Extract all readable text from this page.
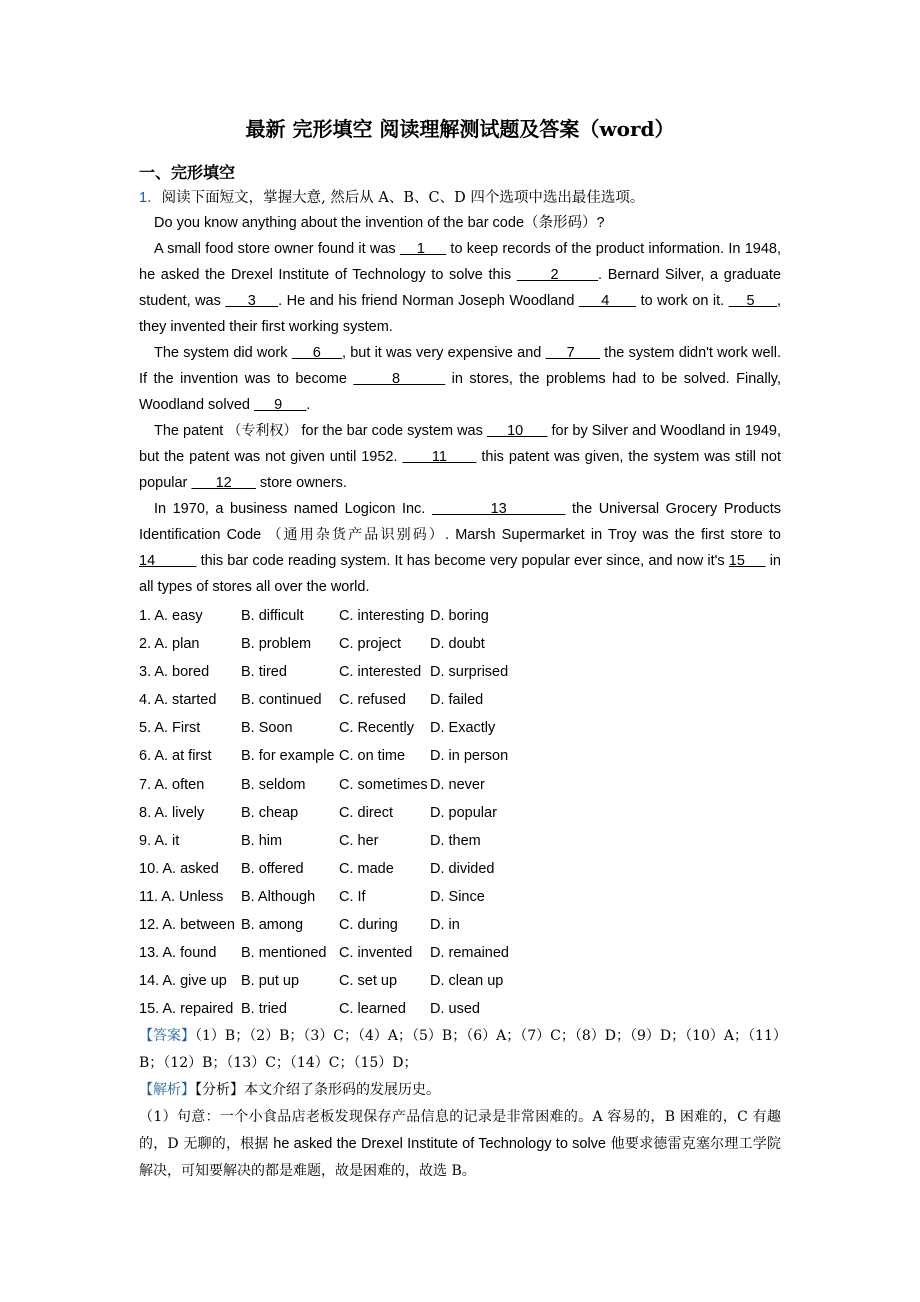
最新 完形填空 阅读理解测试题及答案（word）
一、完形填空
1．阅读下面短文，掌握大意, 然后从 A、B、C、D 四个选项中选出最佳选项。

Do you know anything about the invention of the bar code（条形码）?

A small food store owner found it was     1      to keep records of the product information. In 1948, he asked the Drexel Institute of Technology to solve this       2       . Bernard Silver, a graduate student, was      3     . He and his friend Norman Joseph Woodland      4       to work on it.     5     , they invented their first working system.

The system did work      6     , but it was very expensive and      7       the system didn't work well. If the invention was to become       8        in stores, the problems had to be solved. Finally, Woodland solved      9      .

The patent （专利权） for the bar code system was      10       for by Silver and Woodland in 1949, but the patent was not given until 1952.       11       this patent was given, the system was still not popular       12       store owners.

In 1970, a business named Logicon Inc.          13          the Universal Grocery Products Identification Code （通用杂货产品识别码）. Marsh Supermarket in Troy was the first store to 14           this bar code reading system. It has become very popular ever since, and now it's 15      in all types of stores all over the world.

1. A. easy	B. difficult C. interesting D. boring
2. A. plan	B. problem C. project D. doubt
3. A. bored B. tired	C. interested D. surprised
4. A. started B. continued C. refused D. failed
5. A. First	B. Soon	C. Recently D. Exactly
6. A. at first B. for example C. on time D. in person
7. A. often	B. seldom C. sometimes D. never
8. A. lively	B. cheap	C. direct	D. popular
9. A. it	B. him	C. her	D. them
10. A. asked B. offered C. made D. divided
11. A. Unless B. Although C. If	D. Since
12. A. between B. among C. during D. in
13. A. found B. mentioned C. invented D. remained
14. A. give up B. put up	C. set up D. clean up
15. A. repaired B. tried	C. learned D. used

【答案】（1）B；（2）B；（3）C；（4）A；（5）B；（6）A；（7）C；（8）D；（9）D；（10）A；（11）B；（12）B；（13）C；（14）C；（15）D；

【解析】【分析】本文介绍了条形码的发展历史。

（1）句意：一个小食品店老板发现保存产品信息的记录是非常困难的。A 容易的，B 困难的，C 有趣的，D 无聊的，根据 he asked the Drexel Institute of Technology to solve 他要求德雷克塞尔理工学院解决，可知要解决的都是难题，故是困难的，故选 B。
